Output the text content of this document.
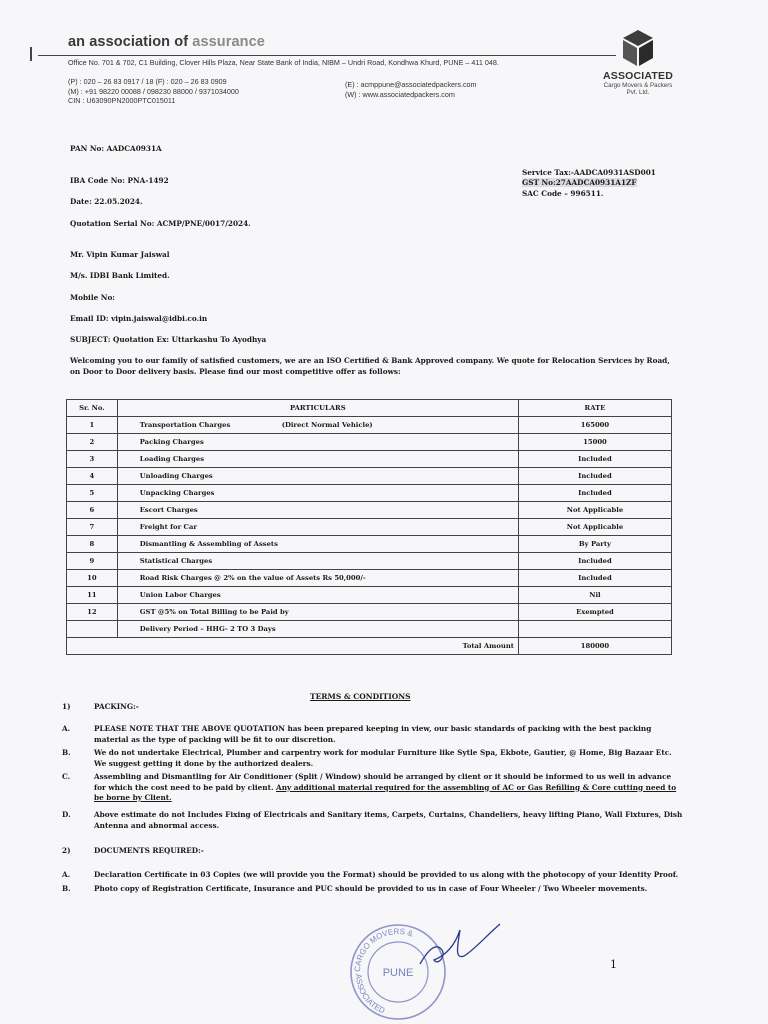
an association of assurance
Office No. 701 & 702, C1 Building, Clover Hills Plaza, Near State Bank of India, NIBM – Undri Road, Kondhwa Khurd, PUNE – 411 048.
(P) : 020 – 26 83 0917 / 18 (F) : 020 – 26 83 0909
(M) : +91 98220 00088 / 098230 88000 / 9371034000
CIN : U63090PN2000PTC015011
(E) : acmppune@associatedpackers.com
(W) : www.associatedpackers.com
ASSOCIATED
Cargo Movers & Packers
Pvt. Ltd.
PAN No: AADCA0931A
IBA Code No: PNA-1492
Date: 22.05.2024.
Quotation Serial No: ACMP/PNE/0017/2024.
Service Tax:-AADCA0931ASD001
GST No:27AADCA0931A1ZF
SAC Code – 996511.
Mr. Vipin Kumar Jaiswal
M/s. IDBI Bank Limited.
Mobile No:
Email ID: vipin.jaiswal@idbi.co.in
SUBJECT: Quotation Ex: Uttarkashu To Ayodhya
Welcoming you to our family of satisfied customers, we are an ISO Certified & Bank Approved company. We quote for Relocation Services by Road, on Door to Door delivery basis. Please find our most competitive offer as follows:
Sr. No.	PARTICULARS	RATE
1	Transportation Charges (Direct Normal Vehicle)	165000
2	Packing Charges	15000
3	Loading Charges	Included
4	Unloading Charges	Included
5	Unpacking Charges	Included
6	Escort Charges	Not Applicable
7	Freight for Car	Not Applicable
8	Dismantling & Assembling of Assets	By Party
9	Statistical Charges	Included
10	Road Risk Charges @ 2% on the value of Assets Rs 50,000/-	Included
11	Union Labor Charges	Nil
12	GST @5% on Total Billing to be Paid by	Exempted

	Delivery Period – HHG- 2 TO 3 Days	

	Total Amount	180000
TERMS & CONDITIONS
1)	PACKING:-
A.	PLEASE NOTE THAT THE ABOVE QUOTATION has been prepared keeping in view, our basic standards of packing with the best packing material as the type of packing will be fit to our discretion.
B.	We do not undertake Electrical, Plumber and carpentry work for modular Furniture like Sytle Spa, Ekbote, Gautier, @ Home, Big Bazaar Etc. We suggest getting it done by the authorized dealers.
C.	Assembling and Dismantling for Air Conditioner (Split / Window) should be arranged by client or it should be informed to us well in advance for which the cost need to be paid by client. Any additional material required for the assembling of AC or Gas Refilling & Core cutting need to be borne by Client.
D.	Above estimate do not Includes Fixing of Electricals and Sanitary items, Carpets, Curtains, Chandeliers, heavy lifting Piano, Wall Fixtures, Dish Antenna and abnormal access.
2)	DOCUMENTS REQUIRED:-
A.	Declaration Certificate in 03 Copies (we will provide you the Format) should be provided to us along with the photocopy of your Identity Proof.
B.	Photo copy of Registration Certificate, Insurance and PUC should be provided to us in case of Four Wheeler / Two Wheeler movements.
CARGO MOVERS &
ASSOCIATED
PUNE
1
